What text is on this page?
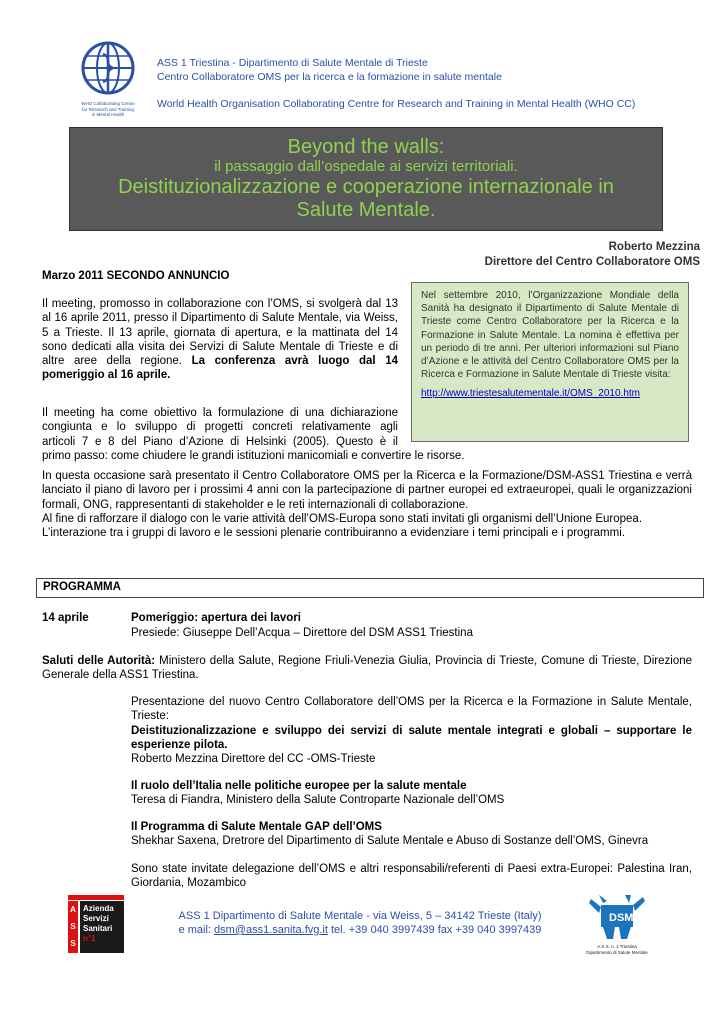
WHO Collaborating Centre
for Research and Training
in Mental Health
ASS 1 Triestina - Dipartimento di Salute Mentale di Trieste
Centro Collaboratore OMS per la ricerca e la formazione in salute mentale
World Health Organisation Collaborating Centre for Research and Training in Mental Health (WHO CC)
Beyond the walls:
il passaggio dall’ospedale ai servizi territoriali.
Deistituzionalizzazione e cooperazione internazionale in
Salute Mentale.
Roberto Mezzina
Direttore del Centro Collaboratore OMS
Marzo 2011 SECONDO ANNUNCIO
Il meeting, promosso in collaborazione con l’OMS, si svolgerà dal 13 al 16 aprile 2011, presso il Dipartimento di Salute Mentale, via Weiss, 5 a Trieste. Il 13 aprile, giornata di apertura, e la mattinata del 14 sono dedicati alla visita dei Servizi di Salute Mentale di Trieste e di altre aree della regione. La conferenza avrà luogo dal 14 pomeriggio al 16 aprile.
Il meeting ha come obiettivo la formulazione di una dichiarazione
congiunta e lo sviluppo di progetti concreti relativamente agli
articoli 7 e 8 del Piano d’Azione di Helsinki (2005). Questo è il
primo passo: come chiudere le grandi istituzioni manicomiali e convertire le risorse.
Nel settembre 2010, l’Organizzazione Mondiale della Sanità ha designato il Dipartimento di Salute Mentale di Trieste come Centro Collaboratore per la Ricerca e la Formazione in Salute Mentale. La nomina è effettiva per un periodo di tre anni. Per ulteriori informazioni sul Piano d’Azione e le attività del Centro Collaboratore OMS per la Ricerca e Formazione in Salute Mentale di Trieste visita:
http://www.triestesalutementale.it/OMS_2010.htm
In questa occasione sarà presentato il Centro Collaboratore OMS per la Ricerca e la Formazione/DSM-ASS1 Triestina e verrà lanciato il piano di lavoro per i prossimi 4 anni con la partecipazione di partner europei ed extraeuropei, quali le organizzazioni formali, ONG, rappresentanti di stakeholder e le reti internazionali di collaborazione.
Al fine di rafforzare il dialogo con le varie attività dell’OMS-Europa sono stati invitati gli organismi dell’Unione Europea.
L’interazione tra i gruppi di lavoro e le sessioni plenarie contribuiranno a evidenziare i temi principali e i programmi.
PROGRAMMA
14 aprile	Pomeriggio: apertura dei lavori
Presiede: Giuseppe Dell’Acqua – Direttore del DSM ASS1 Triestina
Saluti delle Autorità: Ministero della Salute, Regione Friuli-Venezia Giulia, Provincia di Trieste, Comune di Trieste, Direzione Generale della ASS1 Triestina.
Presentazione del nuovo Centro Collaboratore dell’OMS per la Ricerca e la Formazione in Salute Mentale, Trieste:
Deistituzionalizzazione e sviluppo dei servizi di salute mentale integrati e globali – supportare le esperienze pilota.
Roberto Mezzina Direttore del CC -OMS-Trieste
Il ruolo dell’Italia nelle politiche europee per la salute mentale
Teresa di Fiandra, Ministero della Salute Controparte Nazionale dell’OMS
Il Programma di Salute Mentale GAP dell’OMS
Shekhar Saxena, Dretrore del Dipartimento di Salute Mentale e Abuso di Sostanze dell’OMS, Ginevra
Sono state invitate delegazione dell’OMS e altri responsabili/referenti di Paesi extra-Europei: Palestina Iran, Giordania, Mozambico
A
S
S
Azienda
Servizi
Sanitari
n°1
ASS 1 Dipartimento di Salute Mentale - via Weiss, 5 – 34142 Trieste (Italy)
e mail: dsm@ass1.sanita.fvg.it tel. +39 040 3997439 fax +39 040 3997439
DSM
A.S.S. n. 1 Triestina
Dipartimento di Salute Mentale
